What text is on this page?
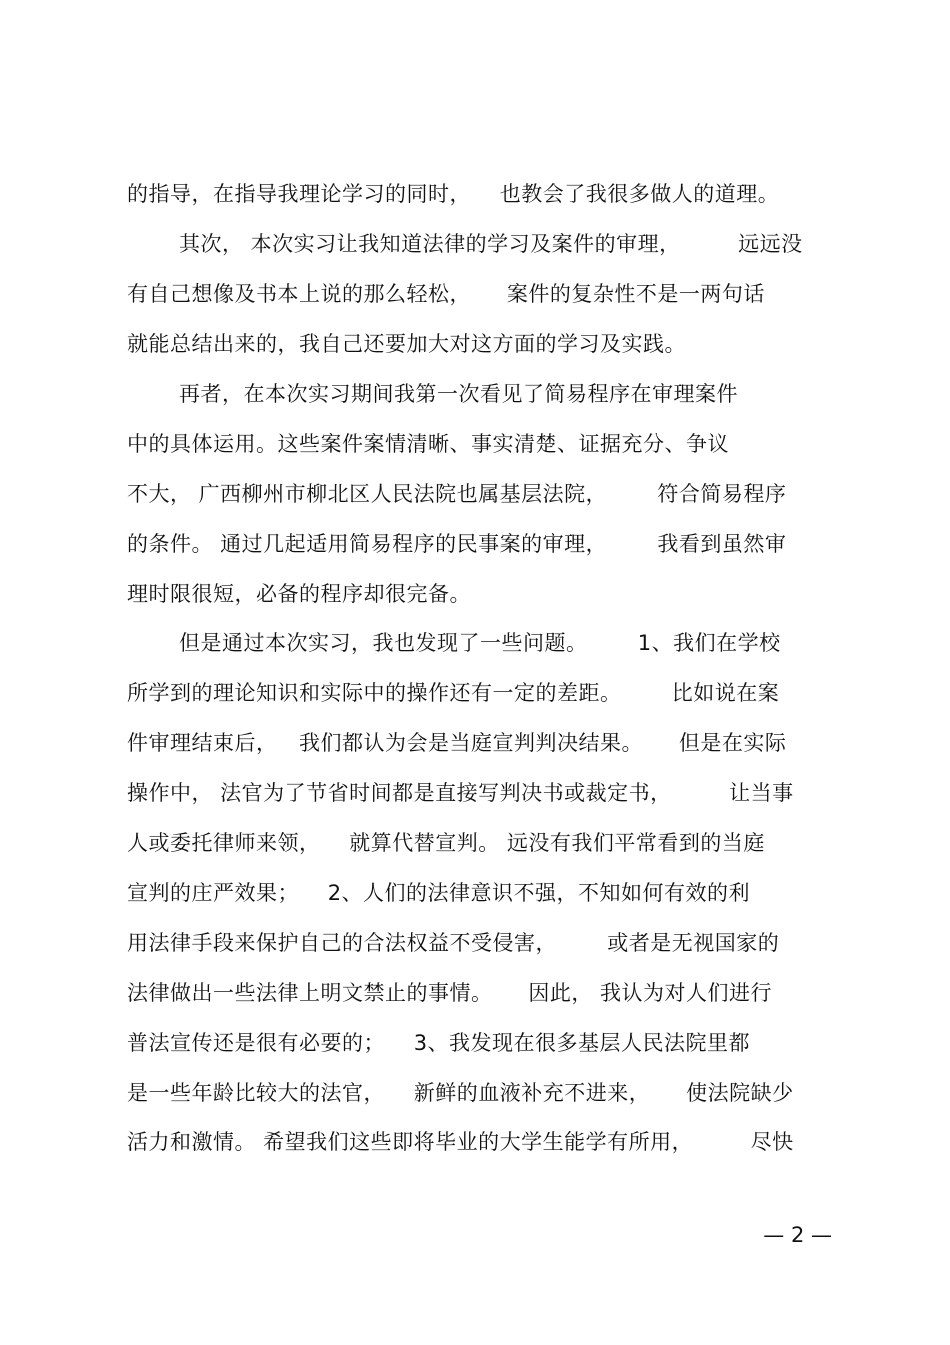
的指导，在指导我理论学习的同时，    也教会了我很多做人的道理。
其次， 本次实习让我知道法律的学习及案件的审理，        远远没
有自己想像及书本上说的那么轻松，     案件的复杂性不是一两句话
就能总结出来的，我自己还要加大对这方面的学习及实践。
再者，在本次实习期间我第一次看见了简易程序在审理案件
中的具体运用。这些案件案情清晰、事实清楚、证据充分、争议
不大， 广西柳州市柳北区人民法院也属基层法院，       符合简易程序
的条件。 通过几起适用简易程序的民事案的审理，       我看到虽然审
理时限很短，必备的程序却很完备。
但是通过本次实习，我也发现了一些问题。       1、我们在学校
所学到的理论知识和实际中的操作还有一定的差距。       比如说在案
件审理结束后，   我们都认为会是当庭宣判判决结果。     但是在实际
操作中， 法官为了节省时间都是直接写判决书或裁定书，        让当事
人或委托律师来领，    就算代替宣判。 远没有我们平常看到的当庭
宣判的庄严效果；    2、人们的法律意识不强，不知如何有效的利
用法律手段来保护自己的合法权益不受侵害，       或者是无视国家的
法律做出一些法律上明文禁止的事情。     因此， 我认为对人们进行
普法宣传还是很有必要的；    3、我发现在很多基层人民法院里都
是一些年龄比较大的法官，    新鲜的血液补充不进来，     使法院缺少
活力和激情。 希望我们这些即将毕业的大学生能学有所用，        尽快
— 2 —
